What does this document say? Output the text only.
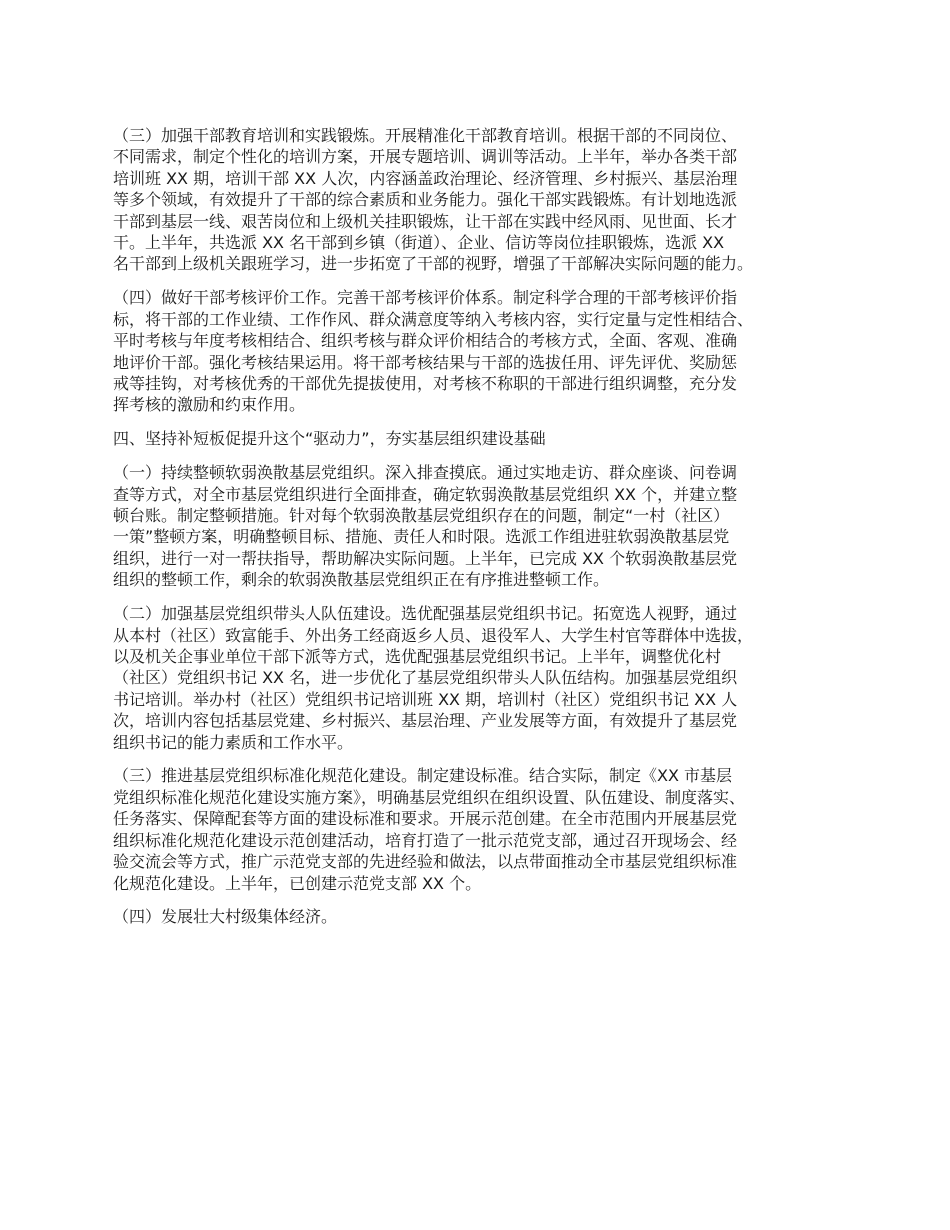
（三）加强干部教育培训和实践锻炼。开展精准化干部教育培训。根据干部的不同岗位、
不同需求，制定个性化的培训方案，开展专题培训、调训等活动。上半年，举办各类干部
培训班 XX 期，培训干部 XX 人次，内容涵盖政治理论、经济管理、乡村振兴、基层治理
等多个领域，有效提升了干部的综合素质和业务能力。强化干部实践锻炼。有计划地选派
干部到基层一线、艰苦岗位和上级机关挂职锻炼，让干部在实践中经风雨、见世面、长才
干。上半年，共选派 XX 名干部到乡镇（街道）、企业、信访等岗位挂职锻炼，选派 XX
名干部到上级机关跟班学习，进一步拓宽了干部的视野，增强了干部解决实际问题的能力。

（四）做好干部考核评价工作。完善干部考核评价体系。制定科学合理的干部考核评价指
标，将干部的工作业绩、工作作风、群众满意度等纳入考核内容，实行定量与定性相结合、
平时考核与年度考核相结合、组织考核与群众评价相结合的考核方式，全面、客观、准确
地评价干部。强化考核结果运用。将干部考核结果与干部的选拔任用、评先评优、奖励惩
戒等挂钩，对考核优秀的干部优先提拔使用，对考核不称职的干部进行组织调整，充分发
挥考核的激励和约束作用。

四、坚持补短板促提升这个“驱动力”，夯实基层组织建设基础

（一）持续整顿软弱涣散基层党组织。深入排查摸底。通过实地走访、群众座谈、问卷调
查等方式，对全市基层党组织进行全面排查，确定软弱涣散基层党组织 XX 个，并建立整
顿台账。制定整顿措施。针对每个软弱涣散基层党组织存在的问题，制定“一村（社区）
一策”整顿方案，明确整顿目标、措施、责任人和时限。选派工作组进驻软弱涣散基层党
组织，进行一对一帮扶指导，帮助解决实际问题。上半年，已完成 XX 个软弱涣散基层党
组织的整顿工作，剩余的软弱涣散基层党组织正在有序推进整顿工作。

（二）加强基层党组织带头人队伍建设。选优配强基层党组织书记。拓宽选人视野，通过
从本村（社区）致富能手、外出务工经商返乡人员、退役军人、大学生村官等群体中选拔，
以及机关企事业单位干部下派等方式，选优配强基层党组织书记。上半年，调整优化村
（社区）党组织书记 XX 名，进一步优化了基层党组织带头人队伍结构。加强基层党组织
书记培训。举办村（社区）党组织书记培训班 XX 期，培训村（社区）党组织书记 XX 人
次，培训内容包括基层党建、乡村振兴、基层治理、产业发展等方面，有效提升了基层党
组织书记的能力素质和工作水平。

（三）推进基层党组织标准化规范化建设。制定建设标准。结合实际，制定《XX 市基层
党组织标准化规范化建设实施方案》，明确基层党组织在组织设置、队伍建设、制度落实、
任务落实、保障配套等方面的建设标准和要求。开展示范创建。在全市范围内开展基层党
组织标准化规范化建设示范创建活动，培育打造了一批示范党支部，通过召开现场会、经
验交流会等方式，推广示范党支部的先进经验和做法，以点带面推动全市基层党组织标准
化规范化建设。上半年，已创建示范党支部 XX 个。

（四）发展壮大村级集体经济。
